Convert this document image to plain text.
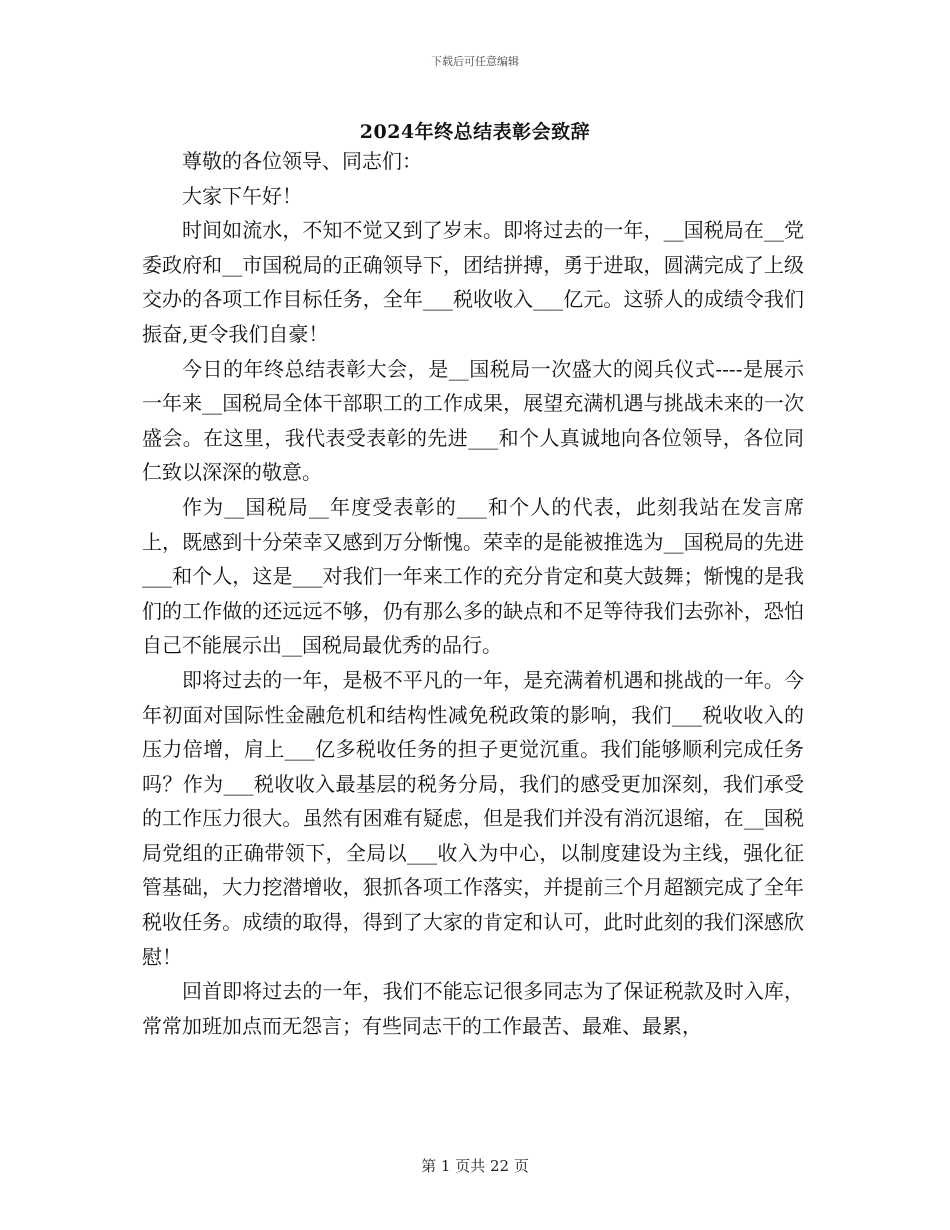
下载后可任意编辑
2024年终总结表彰会致辞

尊敬的各位领导、同志们：

大家下午好！

时间如流水，不知不觉又到了岁末。即将过去的一年，__国税局在__党委政府和__市国税局的正确领导下，团结拼搏，勇于进取，圆满完成了上级交办的各项工作目标任务，全年___税收收入___亿元。这骄人的成绩令我们振奋,更令我们自豪！

今日的年终总结表彰大会，是__国税局一次盛大的阅兵仪式----是展示一年来__国税局全体干部职工的工作成果，展望充满机遇与挑战未来的一次盛会。在这里，我代表受表彰的先进___和个人真诚地向各位领导，各位同仁致以深深的敬意。

作为__国税局__年度受表彰的___和个人的代表，此刻我站在发言席上，既感到十分荣幸又感到万分惭愧。荣幸的是能被推选为__国税局的先进___和个人，这是___对我们一年来工作的充分肯定和莫大鼓舞；惭愧的是我们的工作做的还远远不够，仍有那么多的缺点和不足等待我们去弥补，恐怕自己不能展示出__国税局最优秀的品行。

即将过去的一年，是极不平凡的一年，是充满着机遇和挑战的一年。今年初面对国际性金融危机和结构性减免税政策的影响，我们___税收收入的压力倍增，肩上___亿多税收任务的担子更觉沉重。我们能够顺利完成任务吗？作为___税收收入最基层的税务分局，我们的感受更加深刻，我们承受的工作压力很大。虽然有困难有疑虑，但是我们并没有消沉退缩，在__国税局党组的正确带领下，全局以___收入为中心，以制度建设为主线，强化征管基础，大力挖潜增收，狠抓各项工作落实，并提前三个月超额完成了全年税收任务。成绩的取得，得到了大家的肯定和认可，此时此刻的我们深感欣慰！

回首即将过去的一年，我们不能忘记很多同志为了保证税款及时入库，常常加班加点而无怨言；有些同志干的工作最苦、最难、最累，

第 1 页共 22 页
